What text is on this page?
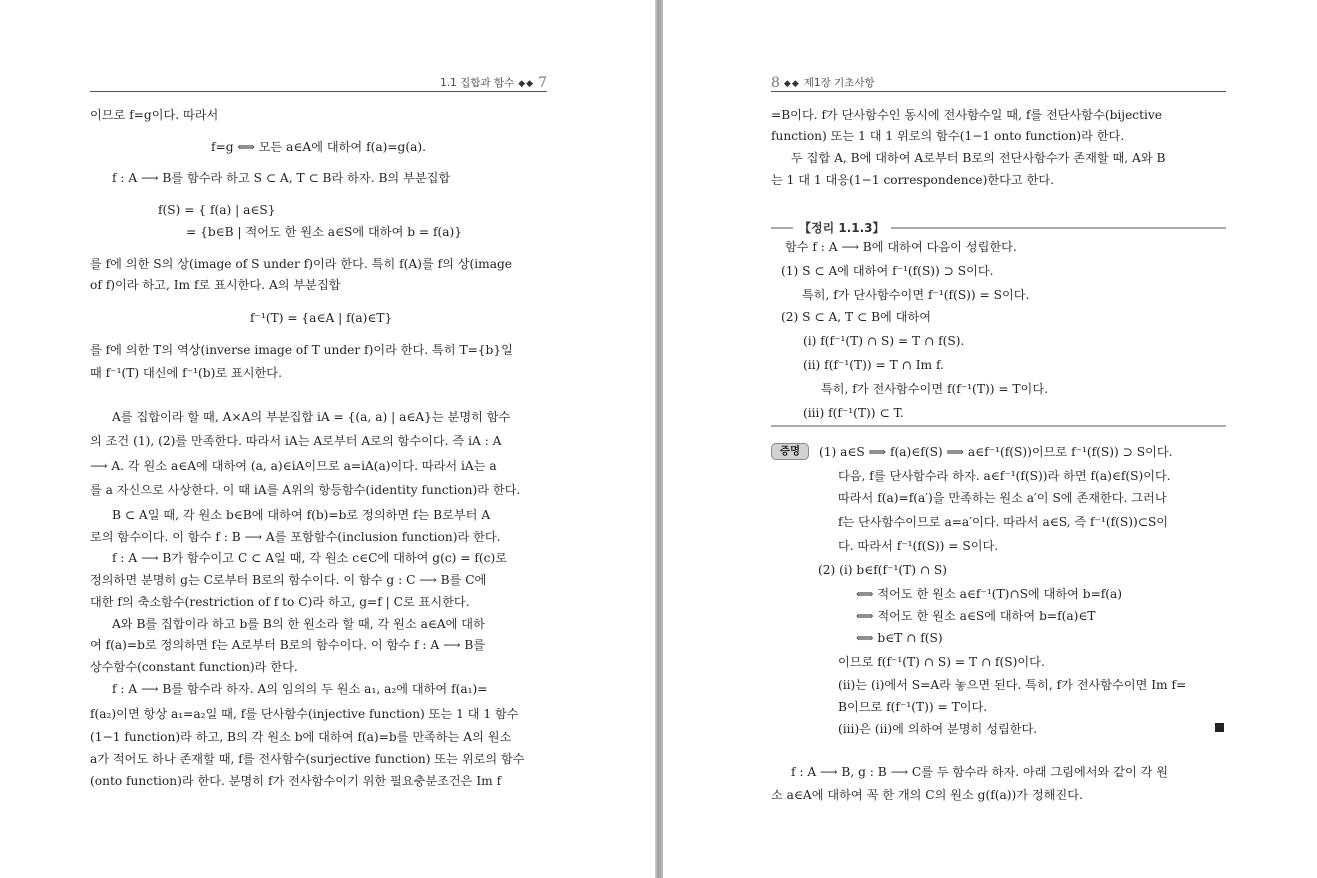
1.1 집합과 함수 ◆◆ 7
이므로 f=g이다. 따라서
f=g ⟺ 모든 a∈A에 대하여 f(a)=g(a).
f : A ⟶ B를 함수라 하고 S ⊂ A, T ⊂ B라 하자. B의 부분집합
f(S) = { f(a) | a∈S}
= {b∈B | 적어도 한 원소 a∈S에 대하여 b = f(a)}
를 f에 의한 S의 상(image of S under f)이라 한다. 특히 f(A)를 f의 상(image
of f)이라 하고, Im f로 표시한다. A의 부분집합
f⁻¹(T) = {a∈A | f(a)∈T}
를 f에 의한 T의 역상(inverse image of T under f)이라 한다. 특히 T={b}일
때 f⁻¹(T) 대신에 f⁻¹(b)로 표시한다.
A를 집합이라 할 때, A×A의 부분집합 iA = {(a, a) | a∈A}는 분명히 함수
의 조건 (1), (2)를 만족한다. 따라서 iA는 A로부터 A로의 함수이다. 즉 iA : A
⟶ A. 각 원소 a∈A에 대하여 (a, a)∈iA이므로 a=iA(a)이다. 따라서 iA는 a
를 a 자신으로 사상한다. 이 때 iA를 A위의 항등함수(identity function)라 한다.
B ⊂ A일 때, 각 원소 b∈B에 대하여 f(b)=b로 정의하면 f는 B로부터 A
로의 함수이다. 이 함수 f : B ⟶ A를 포함함수(inclusion function)라 한다.
f : A ⟶ B가 함수이고 C ⊂ A일 때, 각 원소 c∈C에 대하여 g(c) = f(c)로
정의하면 분명히 g는 C로부터 B로의 함수이다. 이 함수 g : C ⟶ B를 C에
대한 f의 축소함수(restriction of f to C)라 하고, g=f | C로 표시한다.
A와 B를 집합이라 하고 b를 B의 한 원소라 할 때, 각 원소 a∈A에 대하
여 f(a)=b로 정의하면 f는 A로부터 B로의 함수이다. 이 함수 f : A ⟶ B를
상수함수(constant function)라 한다.
f : A ⟶ B를 함수라 하자. A의 임의의 두 원소 a₁, a₂에 대하여 f(a₁)=
f(a₂)이면 항상 a₁=a₂일 때, f를 단사함수(injective function) 또는 1 대 1 함수
(1−1 function)라 하고, B의 각 원소 b에 대하여 f(a)=b를 만족하는 A의 원소
a가 적어도 하나 존재할 때, f를 전사함수(surjective function) 또는 위로의 함수
(onto function)라 한다. 분명히 f가 전사함수이기 위한 필요충분조건은 Im f
8 ◆◆ 제1장 기초사항
=B이다. f가 단사함수인 동시에 전사함수일 때, f를 전단사함수(bijective
function) 또는 1 대 1 위로의 함수(1−1 onto function)라 한다.
두 집합 A, B에 대하여 A로부터 B로의 전단사함수가 존재할 때, A와 B
는 1 대 1 대응(1−1 correspondence)한다고 한다.
【정리 1.1.3】
함수 f : A ⟶ B에 대하여 다음이 성립한다.
(1) S ⊂ A에 대하여 f⁻¹(f(S)) ⊃ S이다.
특히, f가 단사함수이면 f⁻¹(f(S)) = S이다.
(2) S ⊂ A, T ⊂ B에 대하여
(i) f(f⁻¹(T) ∩ S) = T ∩ f(S).
(ii) f(f⁻¹(T)) = T ∩ Im f.
특히, f가 전사함수이면 f(f⁻¹(T)) = T이다.
(iii) f(f⁻¹(T)) ⊂ T.
증명	(1) a∈S ⟹ f(a)∈f(S) ⟹ a∈f⁻¹(f(S))이므로 f⁻¹(f(S)) ⊃ S이다.
다음, f를 단사함수라 하자. a∈f⁻¹(f(S))라 하면 f(a)∈f(S)이다.
따라서 f(a)=f(a′)을 만족하는 원소 a′이 S에 존재한다. 그러나
f는 단사함수이므로 a=a′이다. 따라서 a∈S, 즉 f⁻¹(f(S))⊂S이
다. 따라서 f⁻¹(f(S)) = S이다.
(2) (i) b∈f(f⁻¹(T) ∩ S)
⟺ 적어도 한 원소 a∈f⁻¹(T)∩S에 대하여 b=f(a)
⟺ 적어도 한 원소 a∈S에 대하여 b=f(a)∈T
⟺ b∈T ∩ f(S)
이므로 f(f⁻¹(T) ∩ S) = T ∩ f(S)이다.
(ii)는 (i)에서 S=A라 놓으면 된다. 특히, f가 전사함수이면 Im f=
B이므로 f(f⁻¹(T)) = T이다.
(iii)은 (ii)에 의하여 분명히 성립한다.
f : A ⟶ B, g : B ⟶ C를 두 함수라 하자. 아래 그림에서와 같이 각 원
소 a∈A에 대하여 꼭 한 개의 C의 원소 g(f(a))가 정해진다.
